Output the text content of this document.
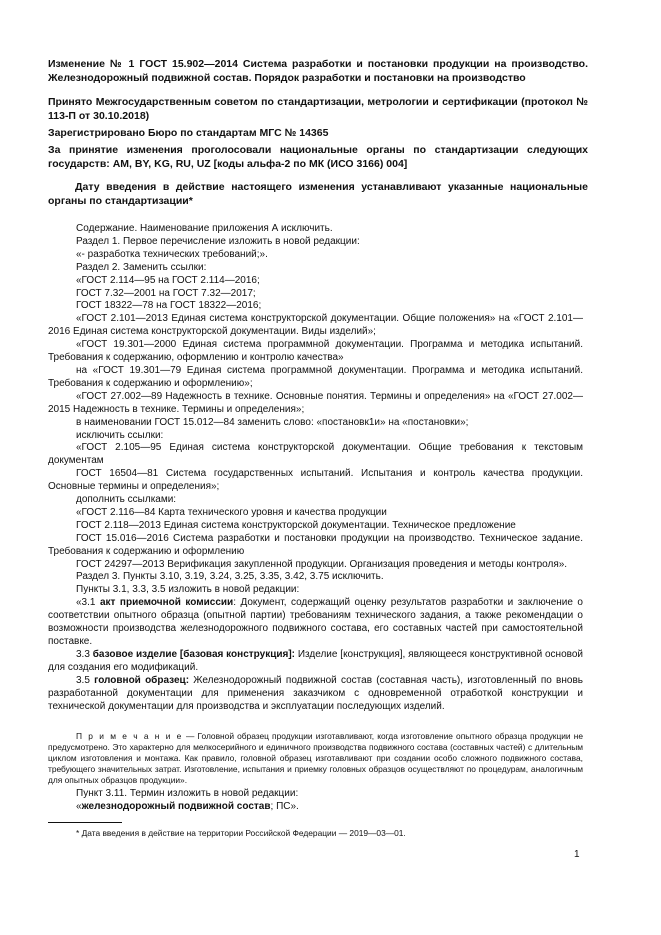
Изменение № 1 ГОСТ 15.902—2014 Система разработки и постановки продукции на производство. Железнодорожный подвижной состав. Порядок разработки и постановки на производство
Принято Межгосударственным советом по стандартизации, метрологии и сертификации (протокол № 113-П от 30.10.2018)
Зарегистрировано Бюро по стандартам МГС № 14365
За принятие изменения проголосовали национальные органы по стандартизации следующих государств: AM, BY, KG, RU, UZ [коды альфа-2 по МК (ИСО 3166) 004]
Дату введения в действие настоящего изменения устанавливают указанные национальные органы по стандартизации*

Содержание. Наименование приложения А исключить.

Раздел 1. Первое перечисление изложить в новой редакции:

«- разработка технических требований;».

Раздел 2. Заменить ссылки:

«ГОСТ 2.114—95 на ГОСТ 2.114—2016;

ГОСТ 7.32—2001 на ГОСТ 7.32—2017;

ГОСТ 18322—78 на ГОСТ 18322—2016;

«ГОСТ 2.101—2013 Единая система конструкторской документации. Общие положения» на «ГОСТ 2.101—2016 Единая система конструкторской документации. Виды изделий»;

«ГОСТ 19.301—2000 Единая система программной документации. Программа и методика испытаний. Требования к содержанию, оформлению и контролю качества»

на «ГОСТ 19.301—79 Единая система программной документации. Программа и методика испытаний. Требования к содержанию и оформлению»;

«ГОСТ 27.002—89 Надежность в технике. Основные понятия. Термины и определения» на «ГОСТ 27.002—2015 Надежность в технике. Термины и определения»;

в наименовании ГОСТ 15.012—84 заменить слово: «постановк1и» на «постановки»;

исключить ссылки:

«ГОСТ 2.105—95 Единая система конструкторской документации. Общие требования к текстовым документам

ГОСТ 16504—81 Система государственных испытаний. Испытания и контроль качества продукции. Основные термины и определения»;

дополнить ссылками:

«ГОСТ 2.116—84 Карта технического уровня и качества продукции

ГОСТ 2.118—2013 Единая система конструкторской документации. Техническое предложение

ГОСТ 15.016—2016 Система разработки и постановки продукции на производство. Техническое задание. Требования к содержанию и оформлению

ГОСТ 24297—2013 Верификация закупленной продукции. Организация проведения и методы контроля».

Раздел 3. Пункты 3.10, 3.19, 3.24, 3.25, 3.35, 3.42, 3.75 исключить.

Пункты 3.1, 3.3, 3.5 изложить в новой редакции:

«3.1 акт приемочной комиссии: Документ, содержащий оценку результатов разработки и заключение о соответствии опытного образца (опытной партии) требованиям технического задания, а также рекомендации о возможности производства железнодорожного подвижного состава, его составных частей при самостоятельной поставке.

3.3 базовое изделие [базовая конструкция]: Изделие [конструкция], являющееся конструктивной основой для создания его модификаций.

3.5 головной образец: Железнодорожный подвижной состав (составная часть), изготовленный по вновь разработанной документации для применения заказчиком с одновременной отработкой конструкции и технической документации для производства и эксплуатации последующих изделий.

П р и м е ч а н и е — Головной образец продукции изготавливают, когда изготовление опытного образца продукции не предусмотрено. Это характерно для мелкосерийного и единичного производства подвижного состава (составных частей) с длительным циклом изготовления и монтажа. Как правило, головной образец изготавливают при создании особо сложного подвижного состава, требующего значительных затрат. Изготовление, испытания и приемку головных образцов осуществляют по процедурам, аналогичным для опытных образцов продукции».

Пункт 3.11. Термин изложить в новой редакции:

«железнодорожный подвижной состав; ПС».

* Дата введения в действие на территории Российской Федерации — 2019—03—01.
1
